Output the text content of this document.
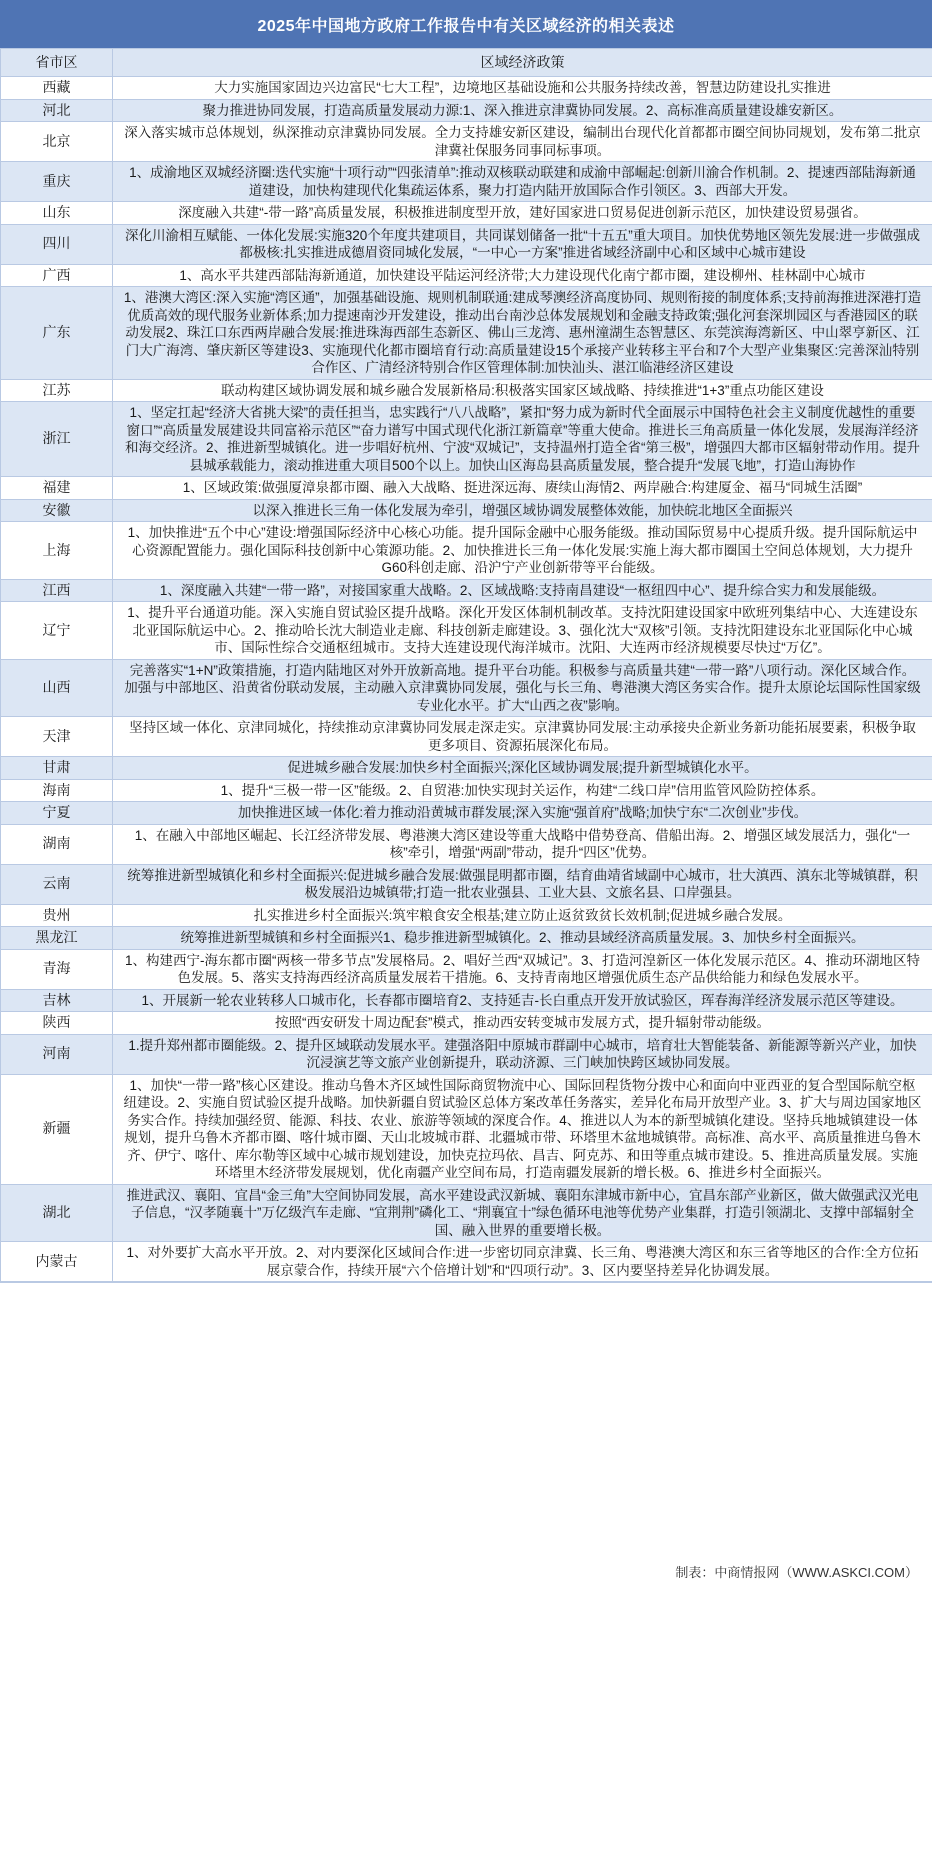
2025年中国地方政府工作报告中有关区域经济的相关表述
省市区	区域经济政策
西藏	大力实施国家固边兴边富民“七大工程”，边境地区基础设施和公共服务持续改善，智慧边防建设扎实推进
河北	聚力推进协同发展，打造高质量发展动力源:1、深入推进京津冀协同发展。2、高标准高质量建设雄安新区。
北京	深入落实城市总体规划，纵深推动京津冀协同发展。全力支持雄安新区建设，编制出台现代化首都都市圈空间协同规划，发布第二批京津冀社保服务同事同标事项。
重庆	1、成渝地区双城经济圈:迭代实施“十项行动”“四张清单”:推动双核联动联建和成渝中部崛起:创新川渝合作机制。2、提速西部陆海新通道建设，加快构建现代化集疏运体系，聚力打造内陆开放国际合作引领区。3、西部大开发。
山东	深度融入共建“-带一路”高质量发展，积极推进制度型开放，建好国家进口贸易促进创新示范区，加快建设贸易强省。
四川	深化川渝相互赋能、一体化发展:实施320个年度共建项目，共同谋划储备一批“十五五”重大项目。加快优势地区领先发展:进一步做强成都极核:扎实推进成德眉资同城化发展，“一中心一方案”推进省域经济副中心和区域中心城市建设
广西	1、高水平共建西部陆海新通道，加快建设平陆运河经济带;大力建设现代化南宁都市圈，建设柳州、桂林副中心城市
广东	1、港澳大湾区:深入实施“湾区通”，加强基础设施、规则机制联通:建成琴澳经济高度协同、规则衔接的制度体系;支持前海推进深港打造优质高效的现代服务业新体系;加力提速南沙开发建设，推动出台南沙总体发展规划和金融支持政策;强化河套深圳园区与香港园区的联动发展2、珠江口东西两岸融合发展:推进珠海西部生态新区、佛山三龙湾、惠州潼湖生态智慧区、东莞滨海湾新区、中山翠亨新区、江门大广海湾、肇庆新区等建设3、实施现代化都市圈培育行动:高质量建设15个承接产业转移主平台和7个大型产业集聚区:完善深汕特别合作区、广清经济特别合作区管理体制:加快汕头、湛江临港经济区建设
江苏	联动构建区域协调发展和城乡融合发展新格局:积极落实国家区域战略、持续推进“1+3”重点功能区建设
浙江	1、坚定扛起“经济大省挑大梁”的责任担当，忠实践行“八八战略”，紧扣“努力成为新时代全面展示中国特色社会主义制度优越性的重要窗口”“高质量发展建设共同富裕示范区”“奋力谱写中国式现代化浙江新篇章”等重大使命。推进长三角高质量一体化发展，发展海洋经济和海交经济。2、推进新型城镇化。进一步唱好杭州、宁波“双城记”，支持温州打造全省“第三极”，增强四大都市区辐射带动作用。提升县城承载能力，滚动推进重大项目500个以上。加快山区海岛县高质量发展，整合提升“发展飞地”，打造山海协作
福建	1、区域政策:做强厦漳泉都市圈、融入大战略、挺进深远海、赓续山海情2、两岸融合:构建厦金、福马“同城生活圈”
安徽	以深入推进长三角一体化发展为牵引，增强区域协调发展整体效能，加快皖北地区全面振兴
上海	1、加快推进“五个中心”建设:增强国际经济中心核心功能。提升国际金融中心服务能级。推动国际贸易中心提质升级。提升国际航运中心资源配置能力。强化国际科技创新中心策源功能。2、加快推进长三角一体化发展:实施上海大都市圈国土空间总体规划，大力提升G60科创走廊、沿沪宁产业创新带等平台能级。
江西	1、深度融入共建“一带一路”，对接国家重大战略。2、区域战略:支持南昌建设“一枢纽四中心”、提升综合实力和发展能级。
辽宁	1、提升平台通道功能。深入实施自贸试验区提升战略。深化开发区体制机制改革。支持沈阳建设国家中欧班列集结中心、大连建设东北亚国际航运中心。2、推动哈长沈大制造业走廊、科技创新走廊建设。3、强化沈大“双核”引领。支持沈阳建设东北亚国际化中心城市、国际性综合交通枢纽城市。支持大连建设现代海洋城市。沈阳、大连两市经济规模要尽快过“万亿”。
山西	完善落实“1+N”政策措施，打造内陆地区对外开放新高地。提升平台功能。积极参与高质量共建“一带一路”八项行动。深化区域合作。加强与中部地区、沿黄省份联动发展，主动融入京津冀协同发展，强化与长三角、粤港澳大湾区务实合作。提升太原论坛国际性国家级专业化水平。扩大“山西之夜”影响。
天津	坚持区域一体化、京津同城化，持续推动京津冀协同发展走深走实。京津冀协同发展:主动承接央企新业务新功能拓展要素，积极争取更多项目、资源拓展深化布局。
甘肃	促进城乡融合发展:加快乡村全面振兴;深化区域协调发展;提升新型城镇化水平。
海南	1、提升“三极一带一区”能级。2、自贸港:加快实现封关运作，构建“二线口岸”信用监管风险防控体系。
宁夏	加快推进区域一体化:着力推动沿黄城市群发展;深入实施“强首府”战略;加快宁东“二次创业”步伐。
湖南	1、在融入中部地区崛起、长江经济带发展、粤港澳大湾区建设等重大战略中借势登高、借船出海。2、增强区域发展活力，强化“一核”牵引，增强“两副”带动，提升“四区”优势。
云南	统筹推进新型城镇化和乡村全面振兴:促进城乡融合发展:做强昆明都市圈，结育曲靖省域副中心城市，壮大滇西、滇东北等城镇群，积极发展沿边城镇带;打造一批农业强县、工业大县、文旅名县、口岸强县。
贵州	扎实推进乡村全面振兴:筑牢粮食安全根基;建立防止返贫致贫长效机制;促进城乡融合发展。
黑龙江	统筹推进新型城镇和乡村全面振兴1、稳步推进新型城镇化。2、推动县域经济高质量发展。3、加快乡村全面振兴。
青海	1、构建西宁-海东都市圈“两核一带多节点”发展格局。2、唱好兰西“双城记”。3、打造河湟新区一体化发展示范区。4、推动环湖地区特色发展。5、落实支持海西经济高质量发展若干措施。6、支持青南地区增强优质生态产品供给能力和绿色发展水平。
吉林	1、开展新一轮农业转移人口城市化，长春都市圈培育2、支持延吉-长白重点开发开放试验区，珲春海洋经济发展示范区等建设。
陕西	按照“西安研发十周边配套”模式，推动西安转变城市发展方式，提升辐射带动能级。
河南	1.提升郑州都市圈能级。2、提升区域联动发展水平。建强洛阳中原城市群副中心城市，培育壮大智能装备、新能源等新兴产业，加快沉浸演艺等文旅产业创新提升，联动济源、三门峡加快跨区域协同发展。
新疆	1、加快“一带一路”核心区建设。推动乌鲁木齐区域性国际商贸物流中心、国际回程货物分拨中心和面向中亚西亚的复合型国际航空枢纽建设。2、实施自贸试验区提升战略。加快新疆自贸试验区总体方案改革任务落实，差异化布局开放型产业。3、扩大与周边国家地区务实合作。持续加强经贸、能源、科技、农业、旅游等领域的深度合作。4、推进以人为本的新型城镇化建设。坚持兵地城镇建设一体规划，提升乌鲁木齐都市圈、喀什城市圈、天山北坡城市群、北疆城市带、环塔里木盆地城镇带。高标准、高水平、高质量推进乌鲁木齐、伊宁、喀什、库尔勒等区域中心城市规划建设，加快克拉玛依、昌吉、阿克苏、和田等重点城市建设。5、推进高质量发展。实施环塔里木经济带发展规划，优化南疆产业空间布局，打造南疆发展新的增长极。6、推进乡村全面振兴。
湖北	推进武汉、襄阳、宜昌“金三角”大空间协同发展，高水平建设武汉新城、襄阳东津城市新中心，宜昌东部产业新区，做大做强武汉光电子信息，“汉孝随襄十”万亿级汽车走廊、“宜荆荆”磷化工、“荆襄宜十”绿色循环电池等优势产业集群，打造引领湖北、支撑中部辐射全国、融入世界的重要增长极。
内蒙古	1、对外要扩大高水平开放。2、对内要深化区域间合作:进一步密切同京津冀、长三角、粤港澳大湾区和东三省等地区的合作:全方位拓展京蒙合作，持续开展“六个倍增计划”和“四项行动”。3、区内要坚持差异化协调发展。
制表：中商情报网（WWW.ASKCI.COM）
